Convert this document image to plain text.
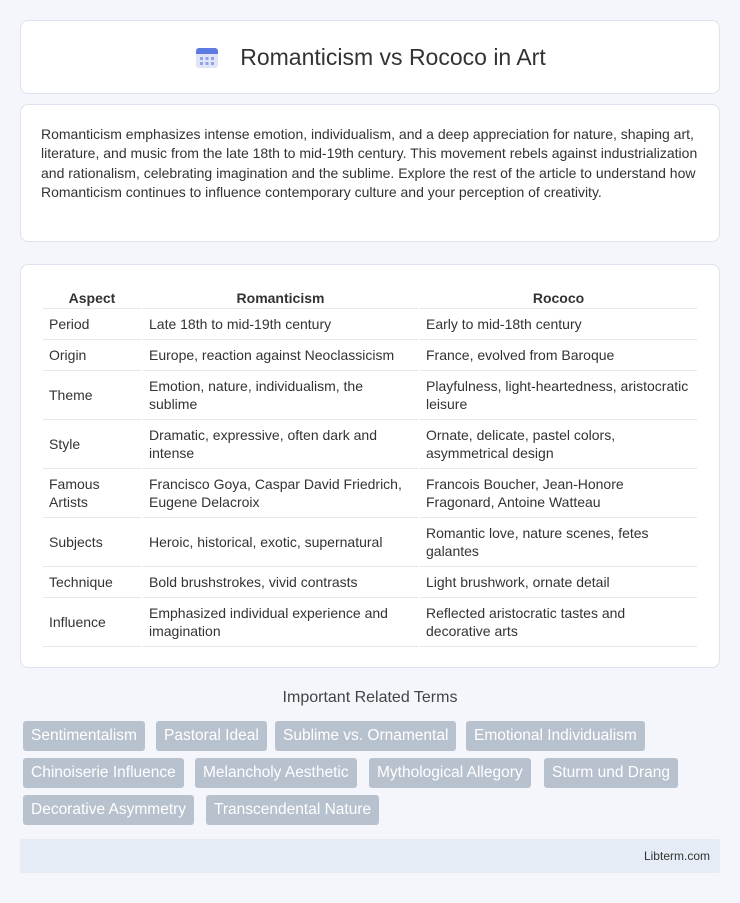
Romanticism vs Rococo in Art

Romanticism emphasizes intense emotion, individualism, and a deep appreciation for nature, shaping art, literature, and music from the late 18th to mid-19th century. This movement rebels against industrialization and rationalism, celebrating imagination and the sublime. Explore the rest of the article to understand how Romanticism continues to influence contemporary culture and your perception of creativity.

Aspect	Romanticism	Rococo
Period	Late 18th to mid-19th century	Early to mid-18th century
Origin	Europe, reaction against Neoclassicism	France, evolved from Baroque
Theme	Emotion, nature, individualism, the sublime	Playfulness, light-heartedness, aristocratic leisure
Style	Dramatic, expressive, often dark and intense	Ornate, delicate, pastel colors, asymmetrical design
Famous Artists	Francisco Goya, Caspar David Friedrich, Eugene Delacroix	Francois Boucher, Jean-Honore Fragonard, Antoine Watteau
Subjects	Heroic, historical, exotic, supernatural	Romantic love, nature scenes, fetes galantes
Technique	Bold brushstrokes, vivid contrasts	Light brushwork, ornate detail
Influence	Emphasized individual experience and imagination	Reflected aristocratic tastes and decorative arts
Important Related Terms
Sentimentalism	Pastoral Ideal	Sublime vs. Ornamental	Emotional Individualism
Chinoiserie Influence	Melancholy Aesthetic	Mythological Allegory	Sturm und Drang
Decorative Asymmetry	Transcendental Nature
Libterm.com
